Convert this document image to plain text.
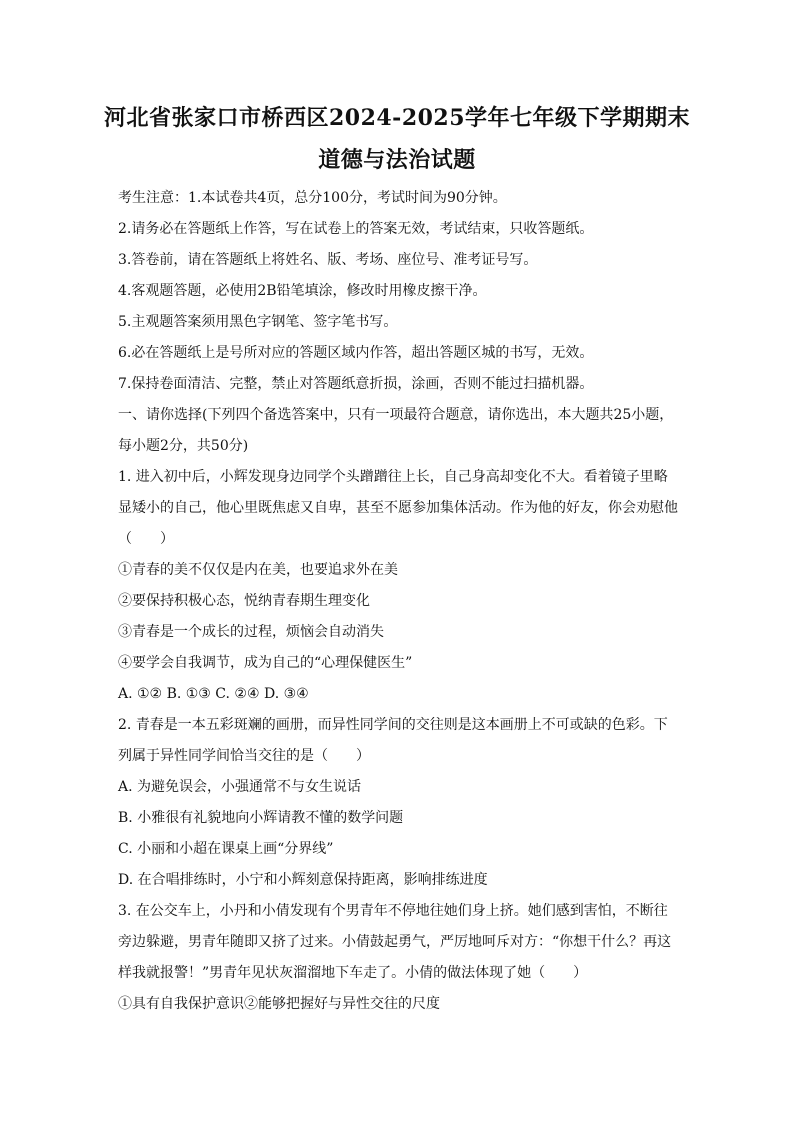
河北省张家口市桥西区2024-2025学年七年级下学期期末
道德与法治试题
考生注意：1.本试卷共4页，总分100分，考试时间为90分钟。
2.请务必在答题纸上作答，写在试卷上的答案无效，考试结束，只收答题纸。
3.答卷前，请在答题纸上将姓名、版、考场、座位号、准考证号写。
4.客观题答题，必使用2B铅笔填涂，修改时用橡皮擦干净。
5.主观题答案须用黑色字钢笔、签字笔书写。
6.必在答题纸上是号所对应的答题区域内作答，超出答题区城的书写，无效。
7.保持卷面清洁、完整，禁止对答题纸意折损，涂画，否则不能过扫描机器。
一、请你选择(下列四个备选答案中，只有一项最符合题意，请你选出，本大题共25小题，
每小题2分，共50分)
1. 进入初中后，小辉发现身边同学个头蹭蹭往上长，自己身高却变化不大。看着镜子里略
显矮小的自己，他心里既焦虑又自卑，甚至不愿参加集体活动。作为他的好友，你会劝慰他
（　　）
①青春的美不仅仅是内在美，也要追求外在美
②要保持积极心态，悦纳青春期生理变化
③青春是一个成长的过程，烦恼会自动消失
④要学会自我调节，成为自己的“心理保健医生”
A. ①② B. ①③ C. ②④ D. ③④
2. 青春是一本五彩斑斓的画册，而异性同学间的交往则是这本画册上不可或缺的色彩。下
列属于异性同学间恰当交往的是（　　）
A. 为避免误会，小强通常不与女生说话
B. 小雅很有礼貌地向小辉请教不懂的数学问题
C. 小丽和小超在课桌上画“分界线”
D. 在合唱排练时，小宁和小辉刻意保持距离，影响排练进度
3. 在公交车上，小丹和小倩发现有个男青年不停地往她们身上挤。她们感到害怕，不断往
旁边躲避，男青年随即又挤了过来。小倩鼓起勇气，严厉地呵斥对方：“你想干什么？再这
样我就报警！”男青年见状灰溜溜地下车走了。小倩的做法体现了她（　　）
①具有自我保护意识②能够把握好与异性交往的尺度
